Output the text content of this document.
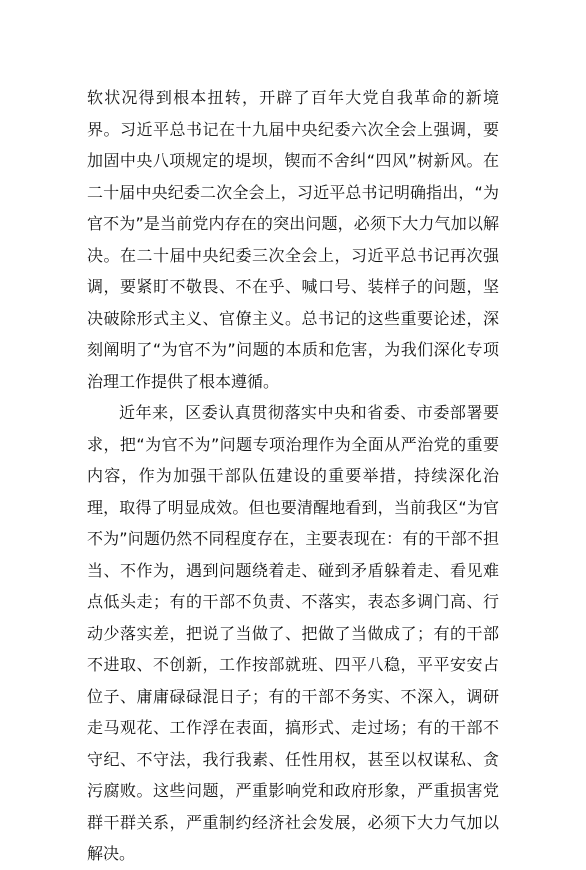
软状况得到根本扭转，开辟了百年大党自我革命的新境界。习近平总书记在十九届中央纪委六次全会上强调，要加固中央八项规定的堤坝，锲而不舍纠“四风”树新风。在二十届中央纪委二次全会上，习近平总书记明确指出，“为官不为”是当前党内存在的突出问题，必须下大力气加以解决。在二十届中央纪委三次全会上，习近平总书记再次强调，要紧盯不敬畏、不在乎、喊口号、装样子的问题，坚决破除形式主义、官僚主义。总书记的这些重要论述，深刻阐明了“为官不为”问题的本质和危害，为我们深化专项治理工作提供了根本遵循。

近年来，区委认真贯彻落实中央和省委、市委部署要求，把“为官不为”问题专项治理作为全面从严治党的重要内容，作为加强干部队伍建设的重要举措，持续深化治理，取得了明显成效。但也要清醒地看到，当前我区“为官不为”问题仍然不同程度存在，主要表现在：有的干部不担当、不作为，遇到问题绕着走、碰到矛盾躲着走、看见难点低头走；有的干部不负责、不落实，表态多调门高、行动少落实差，把说了当做了、把做了当做成了；有的干部不进取、不创新，工作按部就班、四平八稳，平平安安占位子、庸庸碌碌混日子；有的干部不务实、不深入，调研走马观花、工作浮在表面，搞形式、走过场；有的干部不守纪、不守法，我行我素、任性用权，甚至以权谋私、贪污腐败。这些问题，严重影响党和政府形象，严重损害党群干群关系，严重制约经济社会发展，必须下大力气加以解决。
